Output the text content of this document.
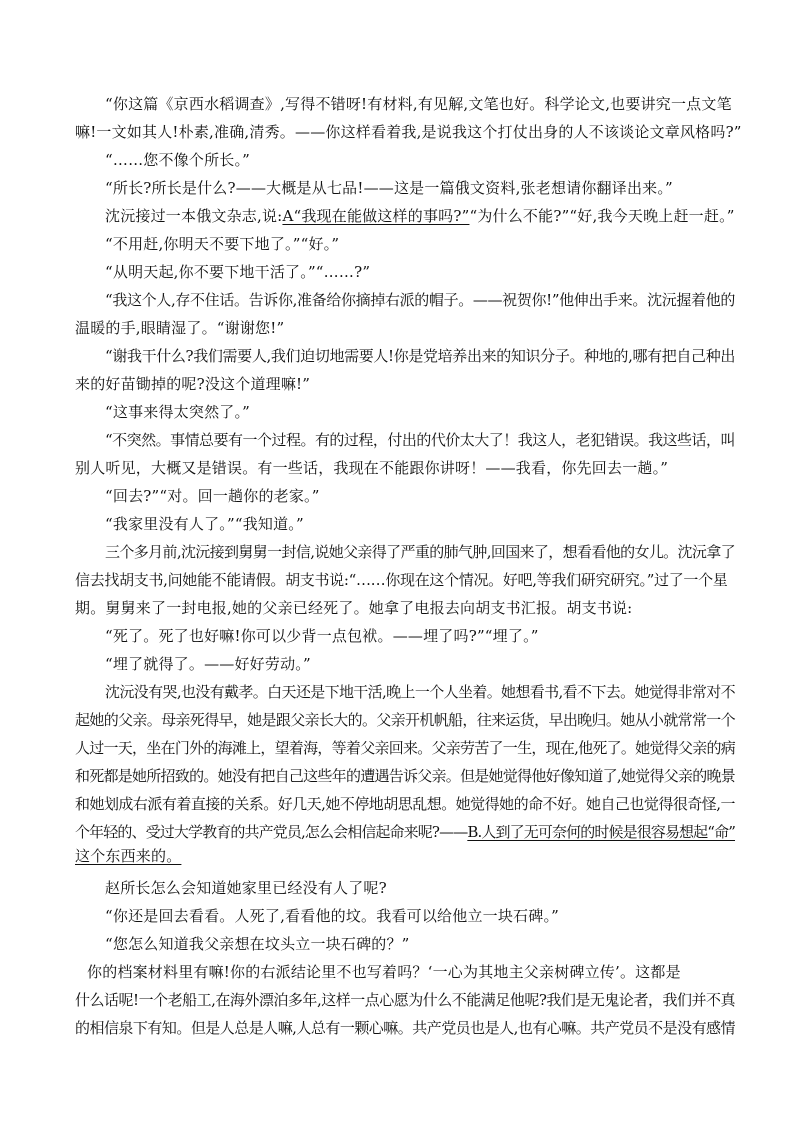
“你这篇《京西水稻调查》,写得不错呀!有材料,有见解,文笔也好。科学论文,也要讲究一点文笔
嘛!一文如其人!朴素,准确,清秀。——你这样看着我,是说我这个打仗出身的人不该谈论文章风格吗?”
“……您不像个所长。”
“所长?所长是什么?——大概是从七品!——这是一篇俄文资料,张老想请你翻译出来。”
沈沅接过一本俄文杂志,说:A“我现在能做这样的事吗?”“为什么不能?”“好,我今天晚上赶一赶。”
“不用赶,你明天不要下地了。”“好。”
“从明天起,你不要下地干活了。”“……?”
“我这个人,存不住话。告诉你,准备给你摘掉右派的帽子。——祝贺你!”他伸出手来。沈沅握着他的
温暖的手,眼睛湿了。“谢谢您!”
“谢我干什么?我们需要人,我们迫切地需要人!你是党培养出来的知识分子。种地的,哪有把自己种出
来的好苗锄掉的呢?没这个道理嘛!”
“这事来得太突然了。”
“不突然。事情总要有一个过程。有的过程，付出的代价太大了！我这人，老犯错误。我这些话，叫
别人听见，大概又是错误。有一些话，我现在不能跟你讲呀！——我看，你先回去一趟。”
“回去?”“对。回一趟你的老家。”
“我家里没有人了。”“我知道。”
三个多月前,沈沅接到舅舅一封信,说她父亲得了严重的肺气肿,回国来了，想看看他的女儿。沈沅拿了
信去找胡支书,问她能不能请假。胡支书说:“……你现在这个情况。好吧,等我们研究研究。”过了一个星
期。舅舅来了一封电报,她的父亲已经死了。她拿了电报去向胡支书汇报。胡支书说:
“死了。死了也好嘛!你可以少背一点包袱。——埋了吗?”“埋了。”
“埋了就得了。——好好劳动。”
沈沅没有哭,也没有戴孝。白天还是下地干活,晚上一个人坐着。她想看书,看不下去。她觉得非常对不
起她的父亲。母亲死得早，她是跟父亲长大的。父亲开机帆船，往来运货，早出晚归。她从小就常常一个
人过一天，坐在门外的海滩上，望着海，等着父亲回来。父亲劳苦了一生，现在,他死了。她觉得父亲的病
和死都是她所招致的。她没有把自己这些年的遭遇告诉父亲。但是她觉得他好像知道了,她觉得父亲的晚景
和她划成右派有着直接的关系。好几天,她不停地胡思乱想。她觉得她的命不好。她自己也觉得很奇怪,一
个年轻的、受过大学教育的共产党员,怎么会相信起命来呢?——B.人到了无可奈何的时候是很容易想起“命”
这个东西来的。
赵所长怎么会知道她家里已经没有人了呢?
“你还是回去看看。人死了,看看他的坟。我看可以给他立一块石碑。”
“您怎么知道我父亲想在坟头立一块石碑的？”
你的档案材料里有嘛!你的右派结论里不也写着吗？‘一心为其地主父亲树碑立传’。这都是
什么话呢!一个老船工,在海外漂泊多年,这样一点心愿为什么不能满足他呢?我们是无鬼论者，我们并不真
的相信泉下有知。但是人总是人嘛,人总有一颗心嘛。共产党员也是人,也有心嘛。共产党员不是没有感情
